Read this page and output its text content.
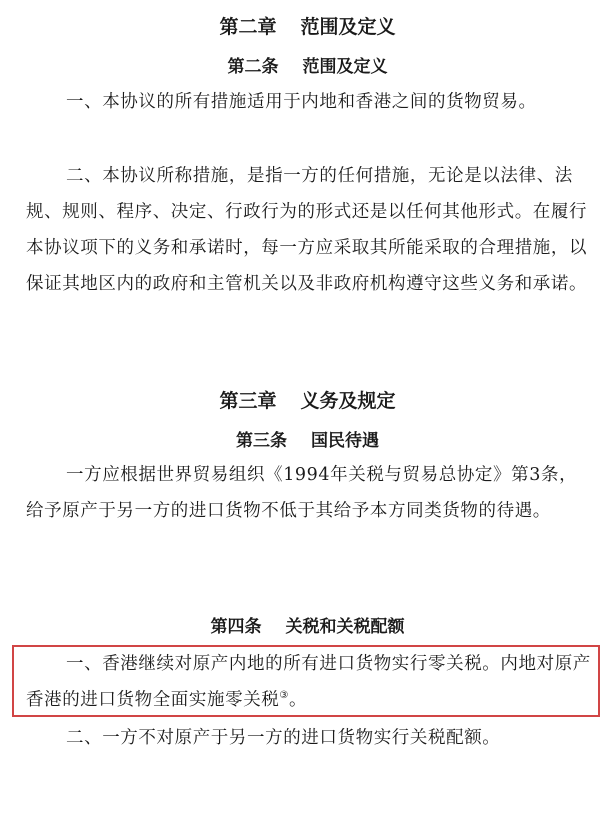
第二章 范围及定义
第二条 范围及定义

一、本协议的所有措施适用于内地和香港之间的货物贸易。

二、本协议所称措施，是指一方的任何措施，无论是以法律、法规、规则、程序、决定、行政行为的形式还是以任何其他形式。在履行本协议项下的义务和承诺时，每一方应采取其所能采取的合理措施，以保证其地区内的政府和主管机关以及非政府机构遵守这些义务和承诺。

第三章 义务及规定
第三条 国民待遇

一方应根据世界贸易组织《1994年关税与贸易总协定》第3条，给予原产于另一方的进口货物不低于其给予本方同类货物的待遇。

第四条 关税和关税配额

一、香港继续对原产内地的所有进口货物实行零关税。内地对原产香港的进口货物全面实施零关税③。

二、一方不对原产于另一方的进口货物实行关税配额。
